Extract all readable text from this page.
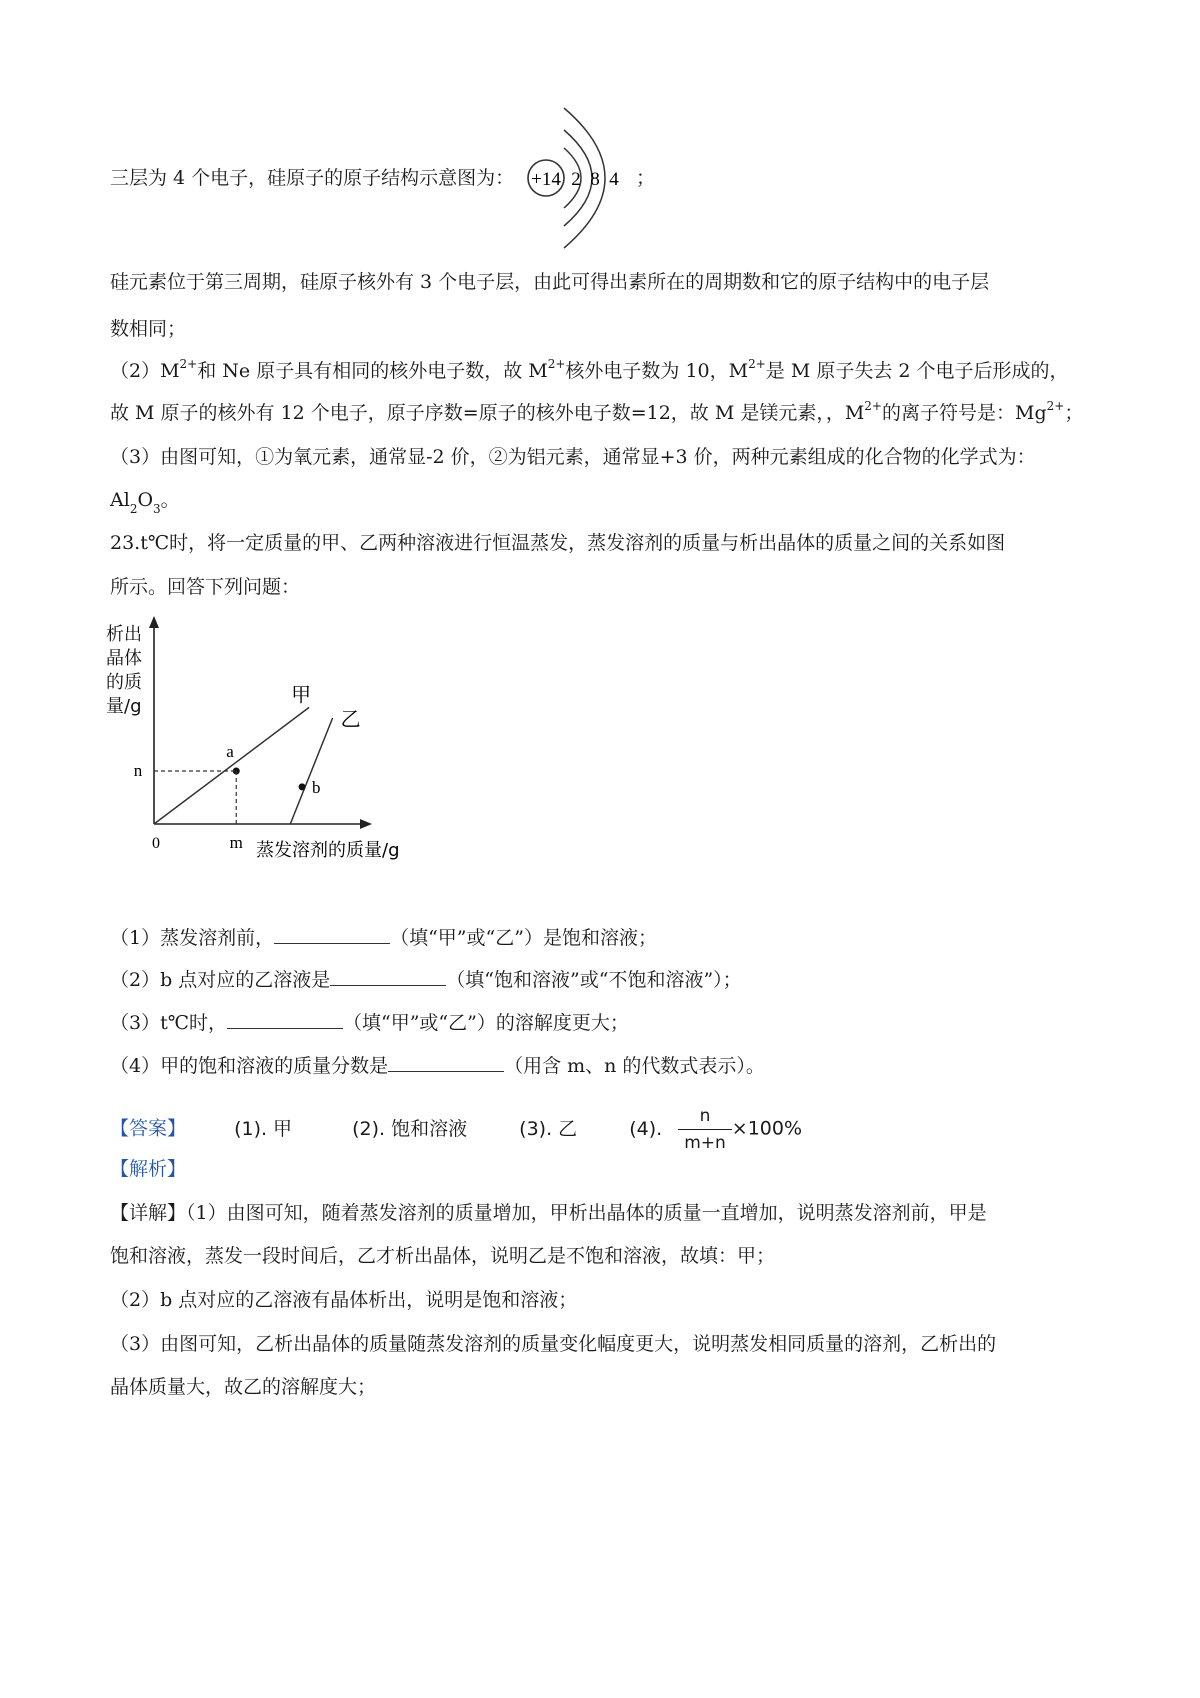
三层为 4 个电子，硅原子的原子结构示意图为： +14 2 8 4 ；
硅元素位于第三周期，硅原子核外有 3 个电子层，由此可得出素所在的周期数和它的原子结构中的电子层
数相同；
$(2)M^{2+}$和 Ne 原子具有相同的核外电子数，故 $M^{2+}$核外电子数为 10，$M^{2+}$是 M 原子失去 2 个电子后形成的，
故 M 原子的核外有 12 个电子，原子序数=原子的核外电子数=12，故 M 是镁元素，，$M^{2+}$的离子符号是：$Mg^{2+}$；
（3）由图可知，①为氧元素，通常显-2 价，②为铝元素，通常显+3 价，两种元素组成的化合物的化学式为：
$Al_2O_3$。
23.t℃时，将一定质量的甲、乙两种溶液进行恒温蒸发，蒸发溶剂的质量与析出晶体的质量之间的关系如图
所示。回答下列问题：
析出
晶体
的质
量/g
0	蒸发溶剂的质量/g
甲
乙
a
b
n
m
（1）蒸发溶剂前，	（填“甲”或“乙”）是饱和溶液；
（2）b 点对应的乙溶液是	（填“饱和溶液”或“不饱和溶液”）；
（3）t℃时，	（填“甲”或“乙”）的溶解度更大；
（4）甲的饱和溶液的质量分数是	（用含 m、n 的代数式表示）。
【答案】	(1). 甲	(2). 饱和溶液	(3). 乙	(4). $\frac{n}{m+n} \times 100\%$
【解析】
【详解】（1）由图可知，随着蒸发溶剂的质量增加，甲析出晶体的质量一直增加，说明蒸发溶剂前，甲是
饱和溶液，蒸发一段时间后，乙才析出晶体，说明乙是不饱和溶液，故填：甲；
（2）b 点对应的乙溶液有晶体析出，说明是饱和溶液；
（3）由图可知，乙析出晶体的质量随蒸发溶剂的质量变化幅度更大，说明蒸发相同质量的溶剂，乙析出的
晶体质量大，故乙的溶解度大；
